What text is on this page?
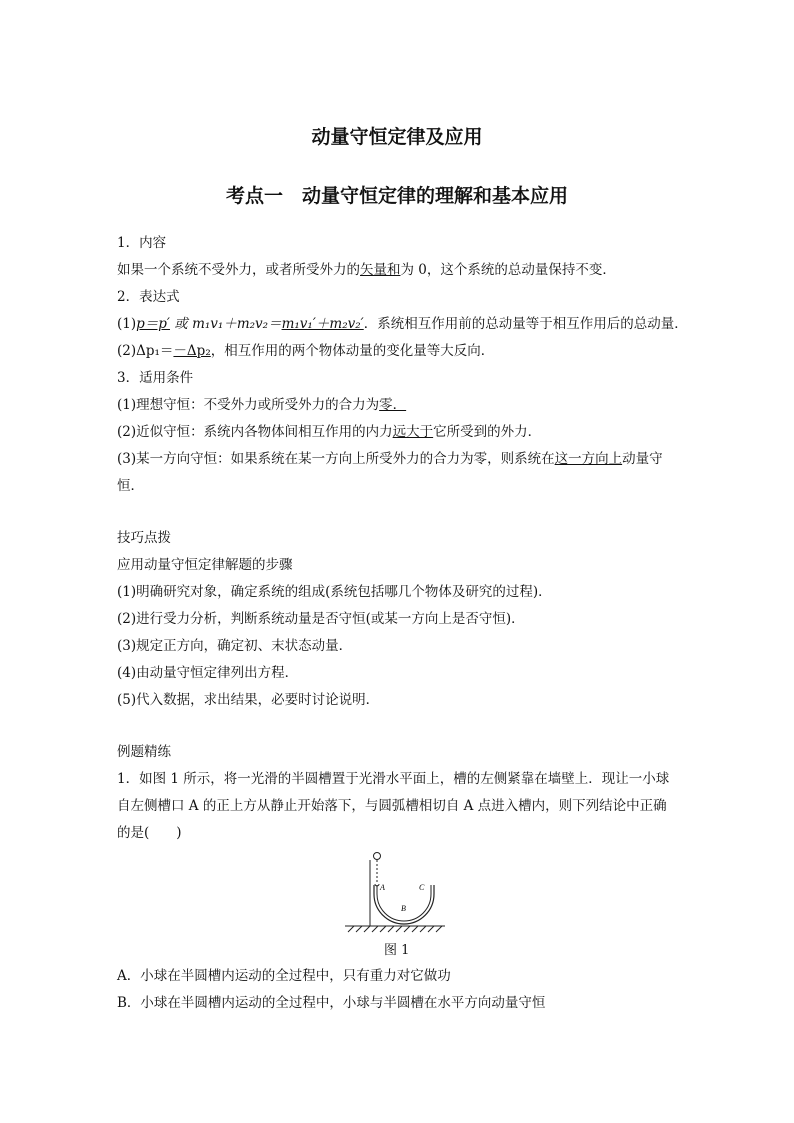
动量守恒定律及应用
考点一　动量守恒定律的理解和基本应用
1．内容
如果一个系统不受外力，或者所受外力的矢量和为 0，这个系统的总动量保持不变．
2．表达式
(1)p＝p′ 或 m₁v₁＋m₂v₂＝m₁v₁′＋m₂v₂′．系统相互作用前的总动量等于相互作用后的总动量．
(2)Δp₁＝－Δp₂，相互作用的两个物体动量的变化量等大反向．
3．适用条件
(1)理想守恒：不受外力或所受外力的合力为零．
(2)近似守恒：系统内各物体间相互作用的内力远大于它所受到的外力．
(3)某一方向守恒：如果系统在某一方向上所受外力的合力为零，则系统在这一方向上动量守
恒．
技巧点拨
应用动量守恒定律解题的步骤
(1)明确研究对象，确定系统的组成(系统包括哪几个物体及研究的过程)．
(2)进行受力分析，判断系统动量是否守恒(或某一方向上是否守恒)．
(3)规定正方向，确定初、末状态动量．
(4)由动量守恒定律列出方程．
(5)代入数据，求出结果，必要时讨论说明．
例题精练
1．如图 1 所示，将一光滑的半圆槽置于光滑水平面上，槽的左侧紧靠在墙壁上．现让一小球
自左侧槽口 A 的正上方从静止开始落下，与圆弧槽相切自 A 点进入槽内，则下列结论中正确
的是(　　)
A
B
C
图 1
A．小球在半圆槽内运动的全过程中，只有重力对它做功
B．小球在半圆槽内运动的全过程中，小球与半圆槽在水平方向动量守恒
